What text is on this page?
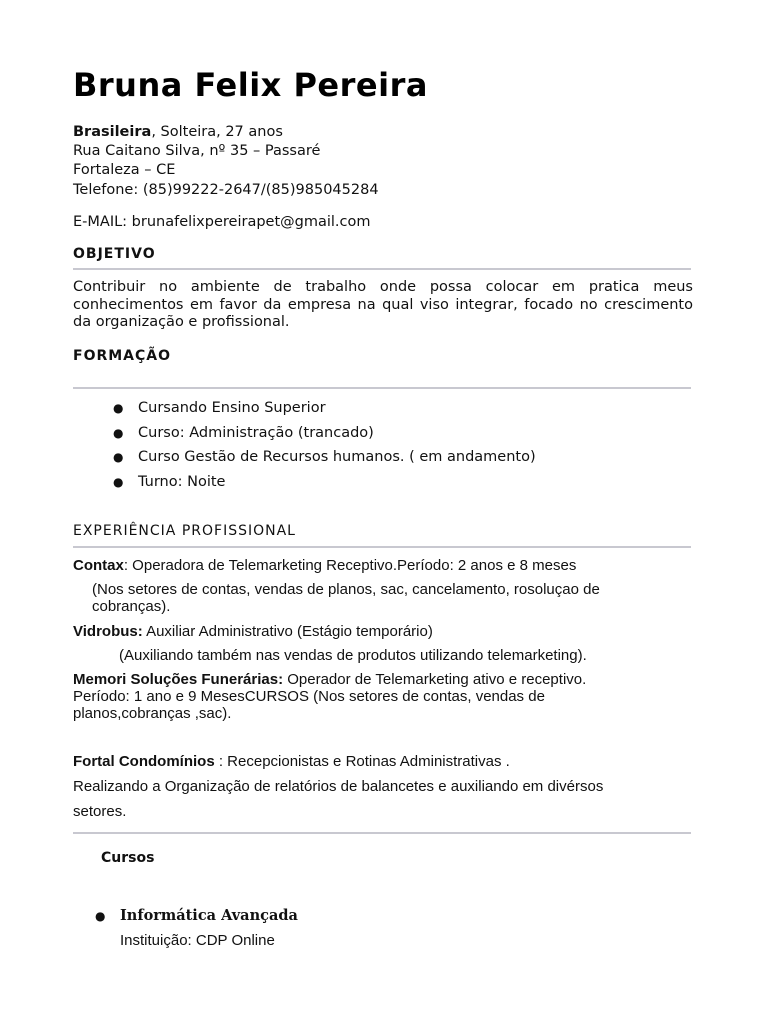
Bruna Felix Pereira
Brasileira, Solteira, 27 anos
Rua Caitano Silva, nº 35 – Passaré
Fortaleza – CE
Telefone: (85)99222-2647/(85)985045284
E-MAIL: brunafelixpereirapet@gmail.com
OBJETIVO
Contribuir no ambiente de trabalho onde possa colocar em pratica meus conhecimentos em favor da empresa na qual viso integrar, focado no crescimento da organização e profissional.
FORMAÇÃO
●	Cursando Ensino Superior
●	Curso: Administração (trancado)
●	Curso Gestão de Recursos humanos. ( em andamento)
●	Turno: Noite
EXPERIÊNCIA PROFISSIONAL
Contax: Operadora de Telemarketing Receptivo.Período: 2 anos e 8 meses
(Nos setores de contas, vendas de planos, sac, cancelamento, rosoluçao de
cobranças).
Vidrobus: Auxiliar Administrativo (Estágio temporário)
(Auxiliando também nas vendas de produtos utilizando telemarketing).
Memori Soluções Funerárias: Operador de Telemarketing ativo e receptivo.
Período: 1 ano e 9 MesesCURSOS (Nos setores de contas, vendas de
planos,cobranças ,sac).
Fortal Condomínios : Recepcionistas e Rotinas Administrativas .
Realizando a Organização de relatórios de balancetes e auxiliando em divérsos
setores.
Cursos
● Informática Avançada
Instituição: CDP Online
